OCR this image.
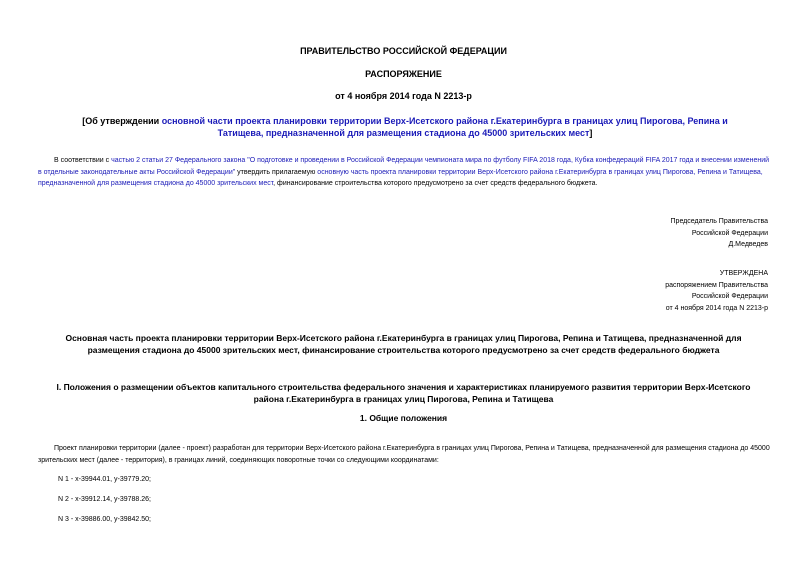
ПРАВИТЕЛЬСТВО РОССИЙСКОЙ ФЕДЕРАЦИИ
РАСПОРЯЖЕНИЕ
от 4 ноября 2014 года N 2213-р
[Об утверждении основной части проекта планировки территории Верх-Исетского района г.Екатеринбурга в границах улиц Пирогова, Репина и Татищева, предназначенной для размещения стадиона до 45000 зрительских мест]
В соответствии с частью 2 статьи 27 Федерального закона "О подготовке и проведении в Российской Федерации чемпионата мира по футболу FIFA 2018 года, Кубка конфедераций FIFA 2017 года и внесении изменений в отдельные законодательные акты Российской Федерации" утвердить прилагаемую основную часть проекта планировки территории Верх-Исетского района г.Екатеринбурга в границах улиц Пирогова, Репина и Татищева, предназначенной для размещения стадиона до 45000 зрительских мест, финансирование строительства которого предусмотрено за счет средств федерального бюджета.
Председатель Правительства
Российской Федерации
Д.Медведев
УТВЕРЖДЕНА
распоряжением Правительства
Российской Федерации
от 4 ноября 2014 года N 2213-р
Основная часть проекта планировки территории Верх-Исетского района г.Екатеринбурга в границах улиц Пирогова, Репина и Татищева, предназначенной для
размещения стадиона до 45000 зрительских мест, финансирование строительства которого предусмотрено за счет средств федерального бюджета
I. Положения о размещении объектов капитального строительства федерального значения и характеристиках планируемого развития территории Верх-Исетского
района г.Екатеринбурга в границах улиц Пирогова, Репина и Татищева
1. Общие положения
Проект планировки территории (далее - проект) разработан для территории Верх-Исетского района г.Екатеринбурга в границах улиц Пирогова, Репина и Татищева, предназначенной для размещения стадиона до 45000 зрительских мест (далее - территория), в границах линий, соединяющих поворотные точки со следующими координатами:
N 1 - x-39944.01, y-39779.20;
N 2 - x-39912.14, y-39788.26;
N 3 - x-39886.00, y-39842.50;
